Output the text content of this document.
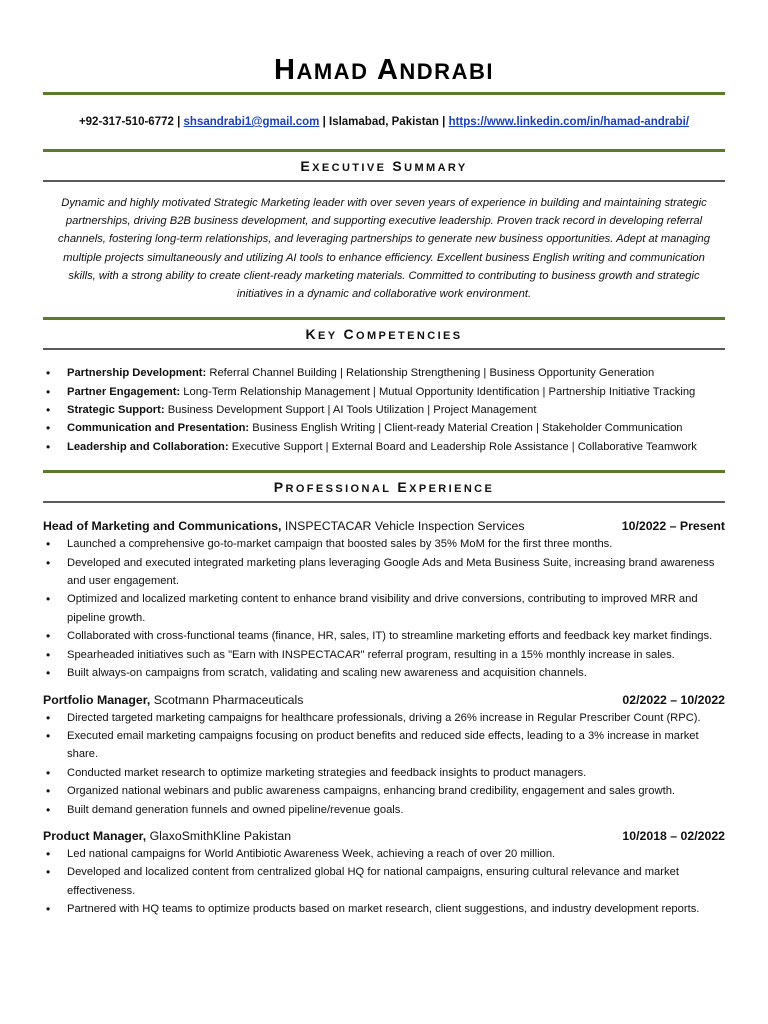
HAMAD ANDRABI
+92-317-510-6772 | shsandrabi1@gmail.com | Islamabad, Pakistan | https://www.linkedin.com/in/hamad-andrabi/
EXECUTIVE SUMMARY

Dynamic and highly motivated Strategic Marketing leader with over seven years of experience in building and maintaining strategic partnerships, driving B2B business development, and supporting executive leadership. Proven track record in developing referral channels, fostering long-term relationships, and leveraging partnerships to generate new business opportunities. Adept at managing multiple projects simultaneously and utilizing AI tools to enhance efficiency. Excellent business English writing and communication skills, with a strong ability to create client-ready marketing materials. Committed to contributing to business growth and strategic initiatives in a dynamic and collaborative work environment.

KEY COMPETENCIES
• Partnership Development: Referral Channel Building | Relationship Strengthening | Business Opportunity Generation
• Partner Engagement: Long-Term Relationship Management | Mutual Opportunity Identification | Partnership Initiative Tracking
• Strategic Support: Business Development Support | AI Tools Utilization | Project Management
• Communication and Presentation: Business English Writing | Client-ready Material Creation | Stakeholder Communication
• Leadership and Collaboration: Executive Support | External Board and Leadership Role Assistance | Collaborative Teamwork
PROFESSIONAL EXPERIENCE
Head of Marketing and Communications, INSPECTACAR Vehicle Inspection Services	10/2022 – Present
• Launched a comprehensive go-to-market campaign that boosted sales by 35% MoM for the first three months.
• Developed and executed integrated marketing plans leveraging Google Ads and Meta Business Suite, increasing brand awareness and user engagement.
• Optimized and localized marketing content to enhance brand visibility and drive conversions, contributing to improved MRR and pipeline growth.
• Collaborated with cross-functional teams (finance, HR, sales, IT) to streamline marketing efforts and feedback key market findings.
• Spearheaded initiatives such as "Earn with INSPECTACAR" referral program, resulting in a 15% monthly increase in sales.
• Built always-on campaigns from scratch, validating and scaling new awareness and acquisition channels.
Portfolio Manager, Scotmann Pharmaceuticals	02/2022 – 10/2022
• Directed targeted marketing campaigns for healthcare professionals, driving a 26% increase in Regular Prescriber Count (RPC).
• Executed email marketing campaigns focusing on product benefits and reduced side effects, leading to a 3% increase in market share.
• Conducted market research to optimize marketing strategies and feedback insights to product managers.
• Organized national webinars and public awareness campaigns, enhancing brand credibility, engagement and sales growth.
• Built demand generation funnels and owned pipeline/revenue goals.
Product Manager, GlaxoSmithKline Pakistan	10/2018 – 02/2022
• Led national campaigns for World Antibiotic Awareness Week, achieving a reach of over 20 million.
• Developed and localized content from centralized global HQ for national campaigns, ensuring cultural relevance and market effectiveness.
• Partnered with HQ teams to optimize products based on market research, client suggestions, and industry development reports.
